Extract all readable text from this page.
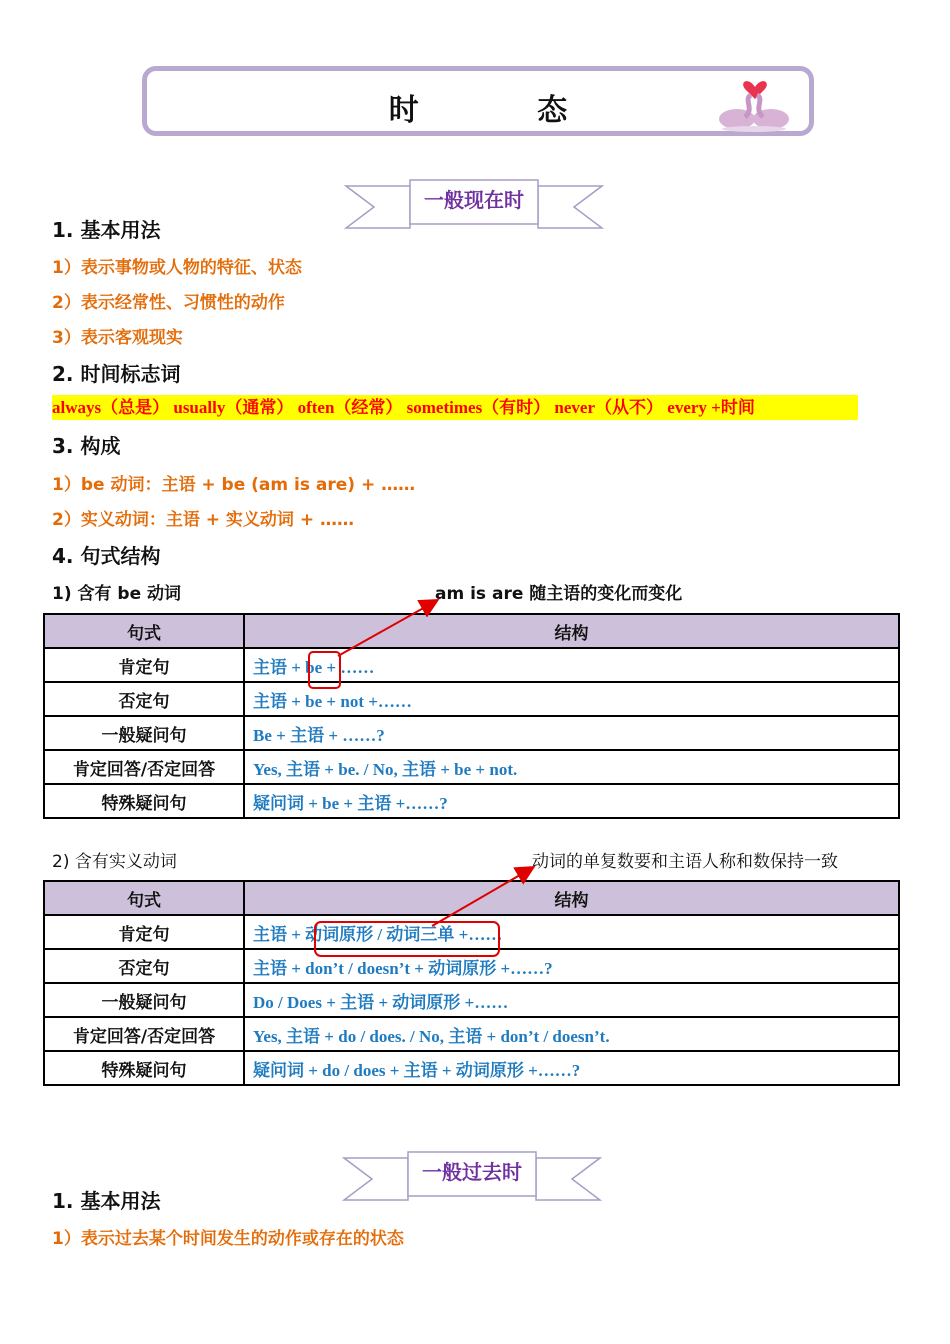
时 态
一般现在时
1. 基本用法
1）表示事物或人物的特征、状态
2）表示经常性、习惯性的动作
3）表示客观现实
2. 时间标志词
always（总是） usually（通常） often（经常） sometimes（有时） never（从不） every +时间
3. 构成
1）be 动词：主语 + be (am is are) + ……
2）实义动词：主语 + 实义动词 + ……
4. 句式结构
1) 含有 be 动词	am is are 随主语的变化而变化
句式	结构
肯定句	主语 + be + ……
否定句	主语 + be + not +……
一般疑问句	Be + 主语 + ……?
肯定回答/否定回答	Yes, 主语 + be. / No, 主语 + be + not.
特殊疑问句	疑问词 + be + 主语 +……?
2) 含有实义动词	动词的单复数要和主语人称和数保持一致
句式	结构
肯定句	主语 + 动词原形 / 动词三单 +……
否定句	主语 + don’t / doesn’t + 动词原形 +……?
一般疑问句	Do / Does + 主语 + 动词原形 +……
肯定回答/否定回答	Yes, 主语 + do / does. / No, 主语 + don’t / doesn’t.
特殊疑问句	疑问词 + do / does + 主语 + 动词原形 +……?
一般过去时
1. 基本用法
1）表示过去某个时间发生的动作或存在的状态
